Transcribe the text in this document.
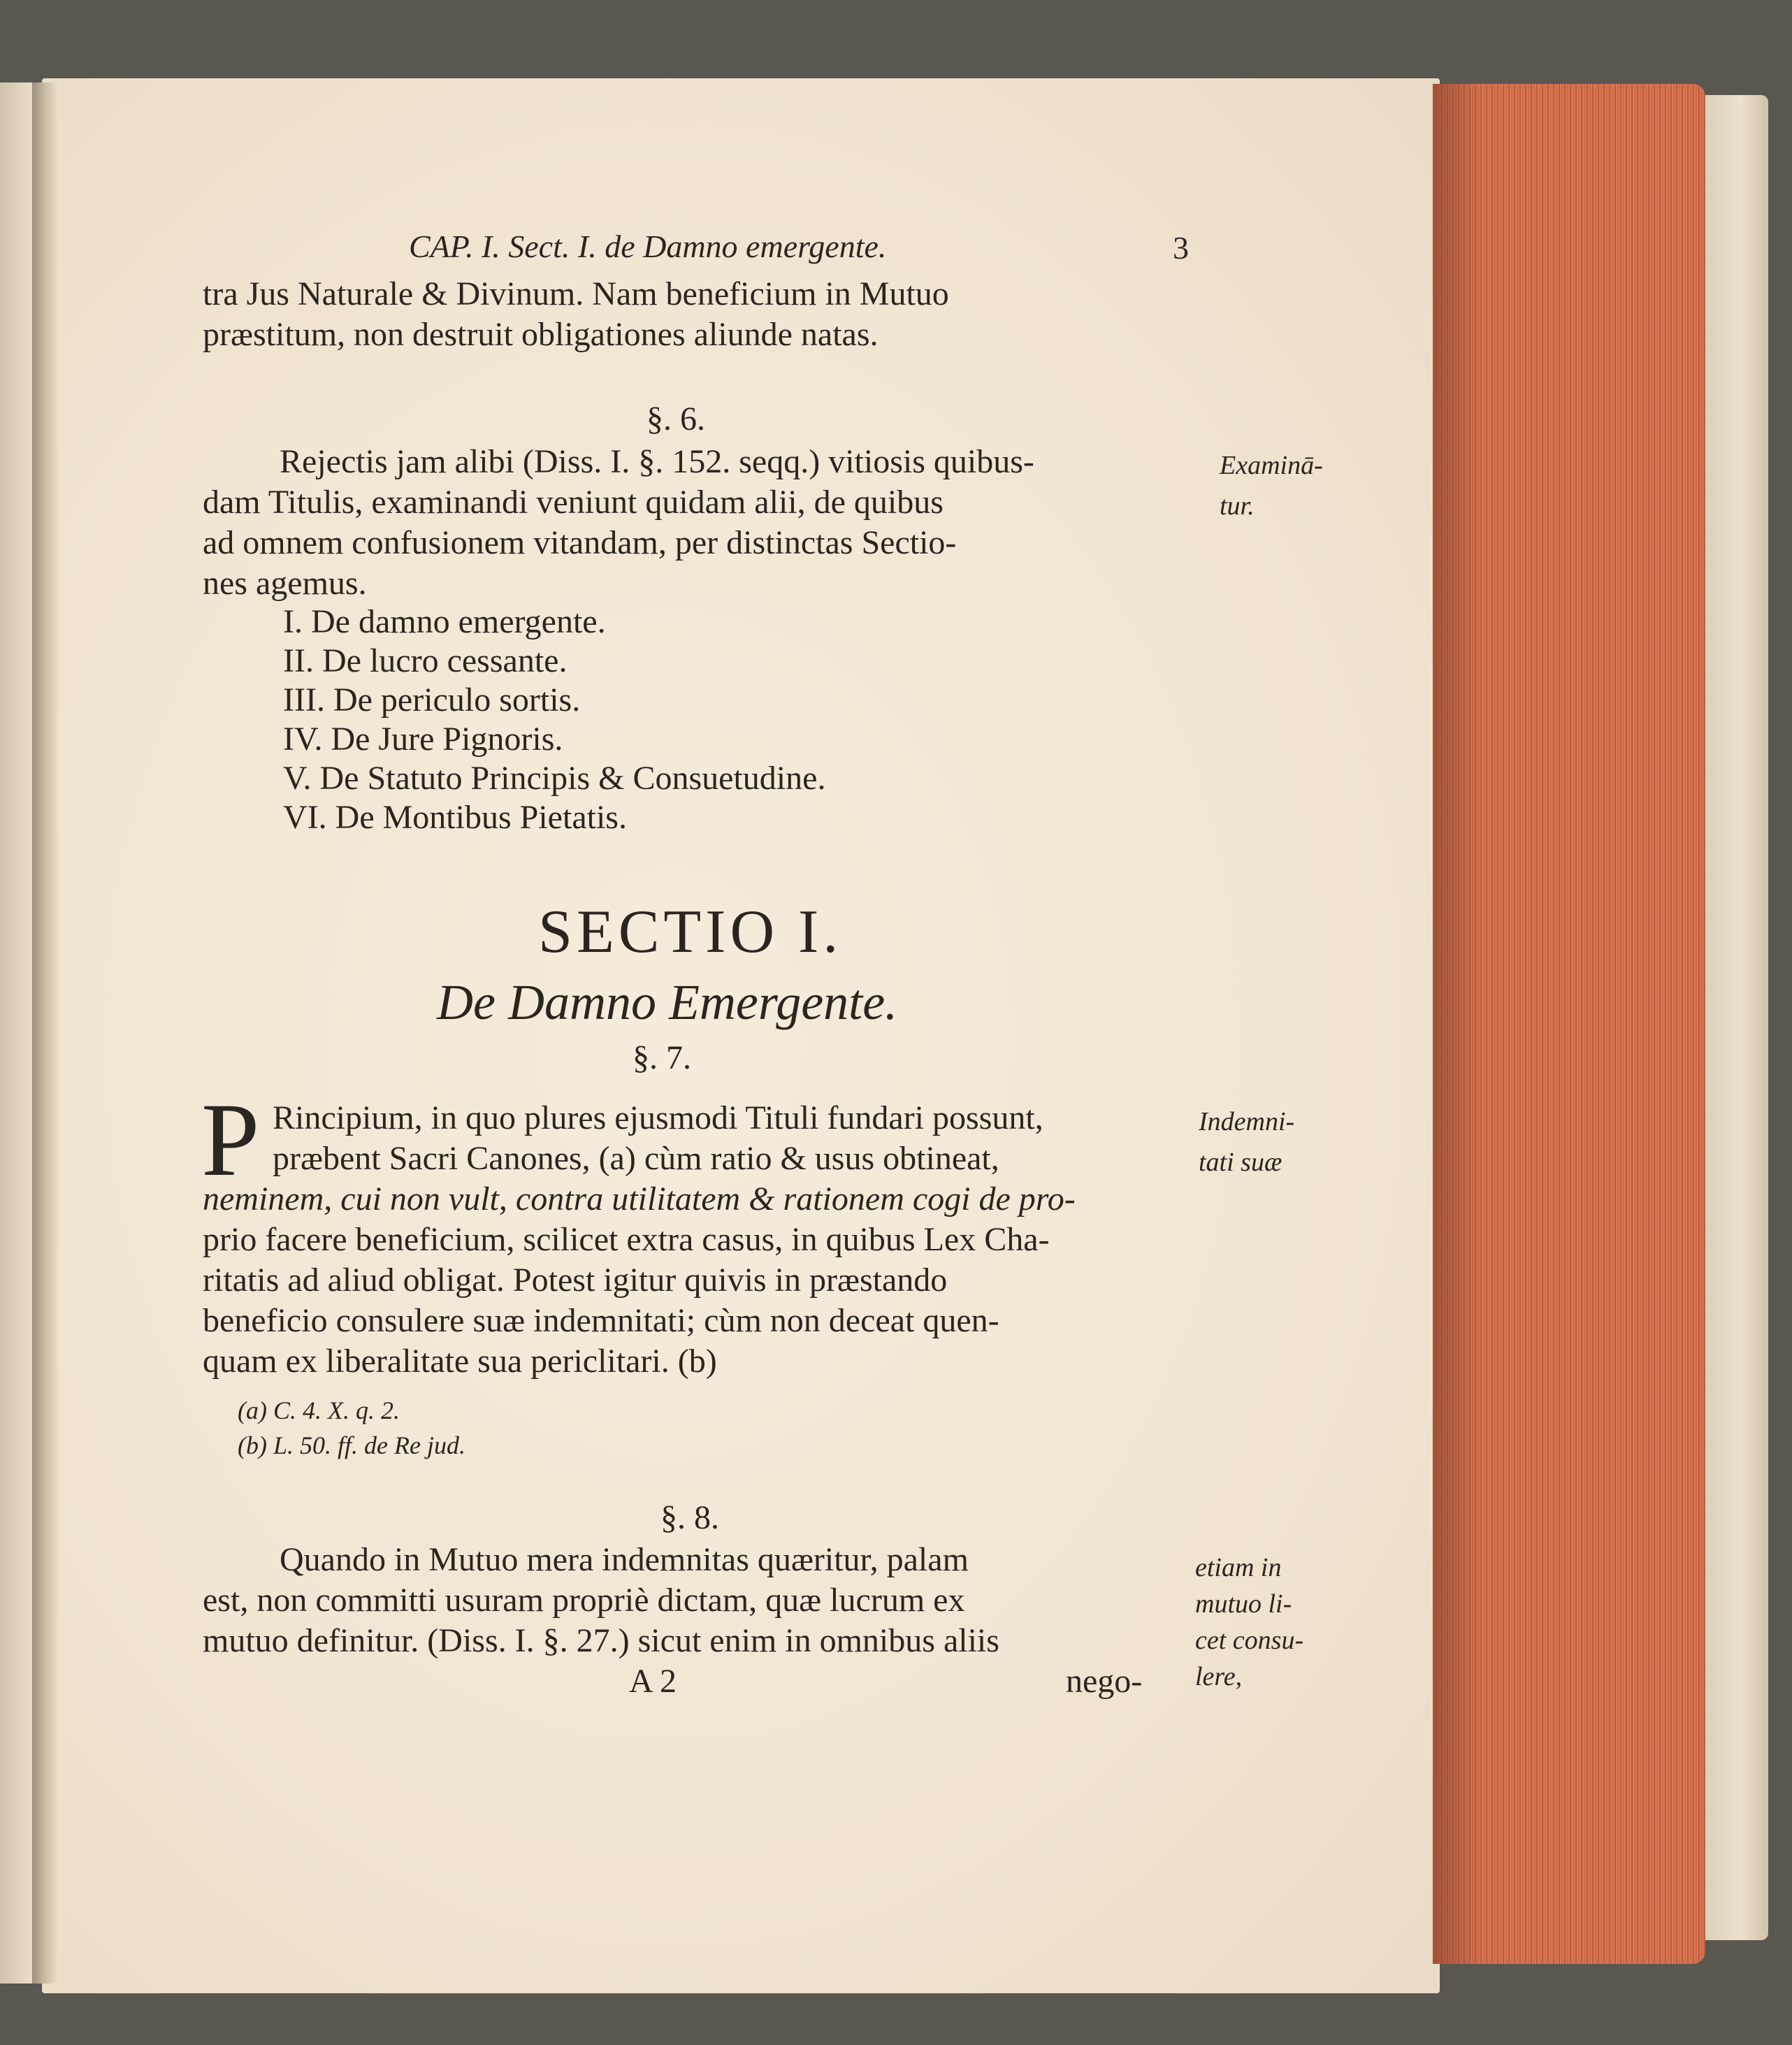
CAP. I. Sect. I. de Damno emergente.	3
tra Jus Naturale & Divinum. Nam beneficium in Mutuo
præstitum, non destruit obligationes aliunde natas.
§. 6.
Rejectis jam alibi (Diss. I. §. 152. seqq.) vitiosis quibus-
dam Titulis, examinandi veniunt quidam alii, de quibus
ad omnem confusionem vitandam, per distinctas Sectio-
nes agemus.
Examinā-
tur.
I. De damno emergente.
II. De lucro cessante.
III. De periculo sortis.
IV. De Jure Pignoris.
V. De Statuto Principis & Consuetudine.
VI. De Montibus Pietatis.
SECTIO I.
De Damno Emergente.
§. 7.
P Rincipium, in quo plures ejusmodi Tituli fundari possunt,
præbent Sacri Canones, (a) cùm ratio & usus obtineat,
neminem, cui non vult, contra utilitatem & rationem cogi de pro-
prio facere beneficium, scilicet extra casus, in quibus Lex Cha-
ritatis ad aliud obligat. Potest igitur quivis in præstando
beneficio consulere suæ indemnitati; cùm non deceat quen-
quam ex liberalitate sua periclitari. (b)
Indemni-
tati suæ
(a) C. 4. X. q. 2.
(b) L. 50. ff. de Re jud.
§. 8.
Quando in Mutuo mera indemnitas quæritur, palam
est, non committi usuram propriè dictam, quæ lucrum ex
mutuo definitur. (Diss. I. §. 27.) sicut enim in omnibus aliis
etiam in
mutuo li-
cet consu-
lere,
A 2	nego-
